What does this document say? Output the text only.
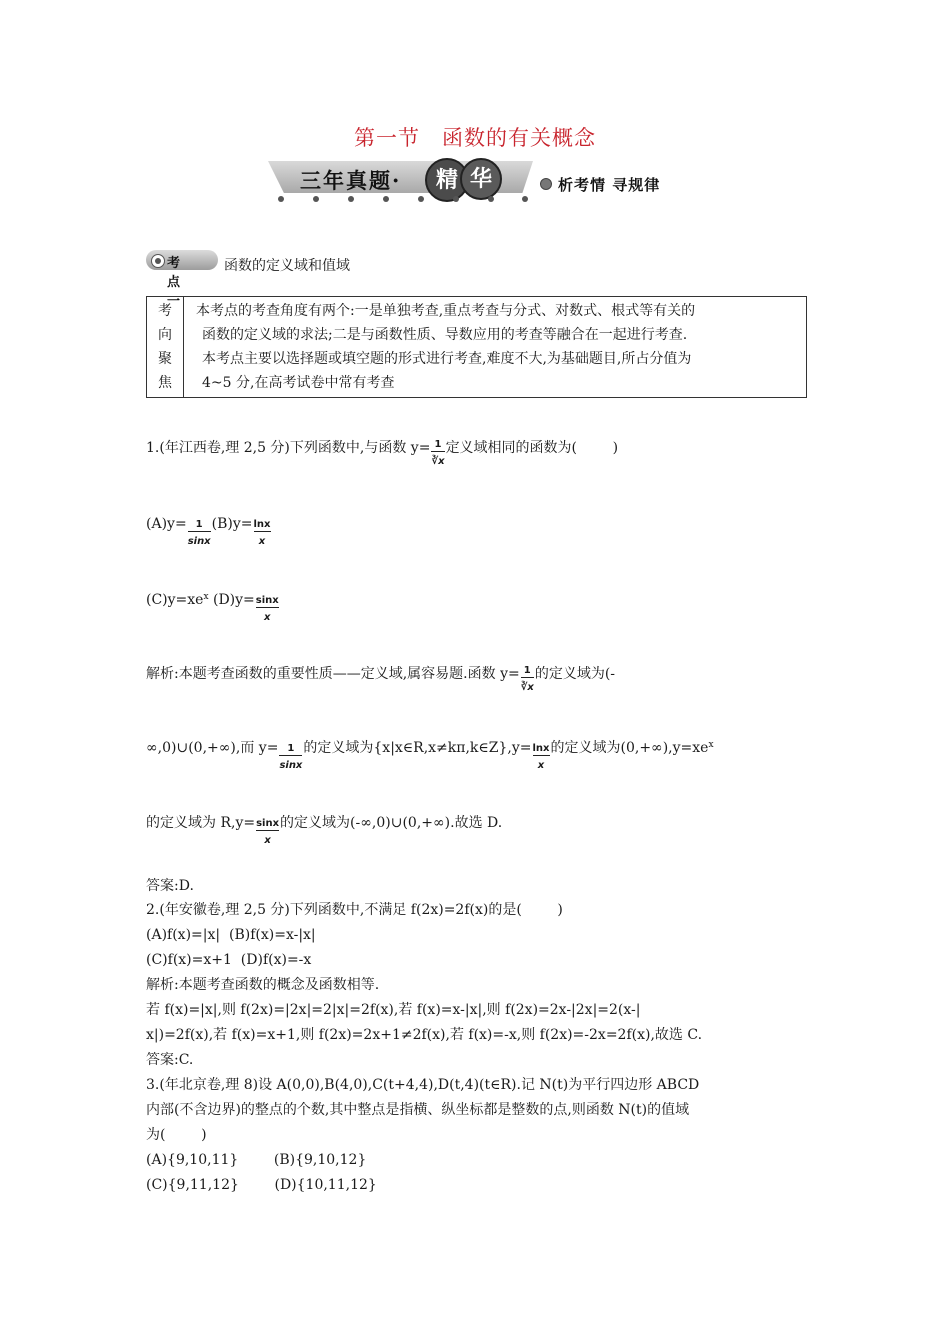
第一节 函数的有关概念
三年真题·	精 华	析考情 寻规律
考点一
函数的定义域和值域
考
向
聚
焦
本考点的考查角度有两个:一是单独考查,重点考查与分式、对数式、根式等有关的
函数的定义域的求法;二是与函数性质、导数应用的考查等融合在一起进行考查.
本考点主要以选择题或填空题的形式进行考查,难度不大,为基础题目,所占分值为
4~5 分,在高考试卷中常有考查
1.(年江西卷,理 2,5 分)下列函数中,与函数 $y= \frac{1}{∛x}$ 定义域相同的函数为(        )
$(A)y= \frac{1}{\sin x} (B)y= \frac{\ln x}{x}$
$(C)y=xe^x$ $(D)y= \frac{\sin x}{x}$
解析:本题考查函数的重要性质——定义域,属容易题.函数 $y= \frac{1}{∛x}$ 的定义域为(-
∞,0)∪(0,+∞),而 $y= \frac{1}{\sin x}$ 的定义域为{x|x∈R,x≠kπ,k∈Z},y= $\frac{\ln x}{x}$ 的定义域为$(0,+\infty),y=xe^x$
的定义域为 $R,y= \frac{\sin x}{x}$ 的定义域为(-∞,0)∪(0,+∞).故选 D.
答案:D.
2.(年安徽卷,理 2,5 分)下列函数中,不满足 f(2x)=2f(x)的是(        )
(A)f(x)=|x|  (B)f(x)=x-|x|
(C)f(x)=x+1  (D)f(x)=-x
解析:本题考查函数的概念及函数相等.
若 f(x)=|x|,则 f(2x)=|2x|=2|x|=2f(x),若 f(x)=x-|x|,则 f(2x)=2x-|2x|=2(x-|
x|)=2f(x),若 f(x)=x+1,则 f(2x)=2x+1≠2f(x),若 f(x)=-x,则 f(2x)=-2x=2f(x),故选 C.
答案:C.
3.(年北京卷,理 8)设 A(0,0),B(4,0),C(t+4,4),D(t,4)(t∈R).记 N(t)为平行四边形 ABCD
内部(不含边界)的整点的个数,其中整点是指横、纵坐标都是整数的点,则函数 N(t)的值域
为(        )
(A){9,10,11}        (B){9,10,12}
(C){9,11,12}        (D){10,11,12}
